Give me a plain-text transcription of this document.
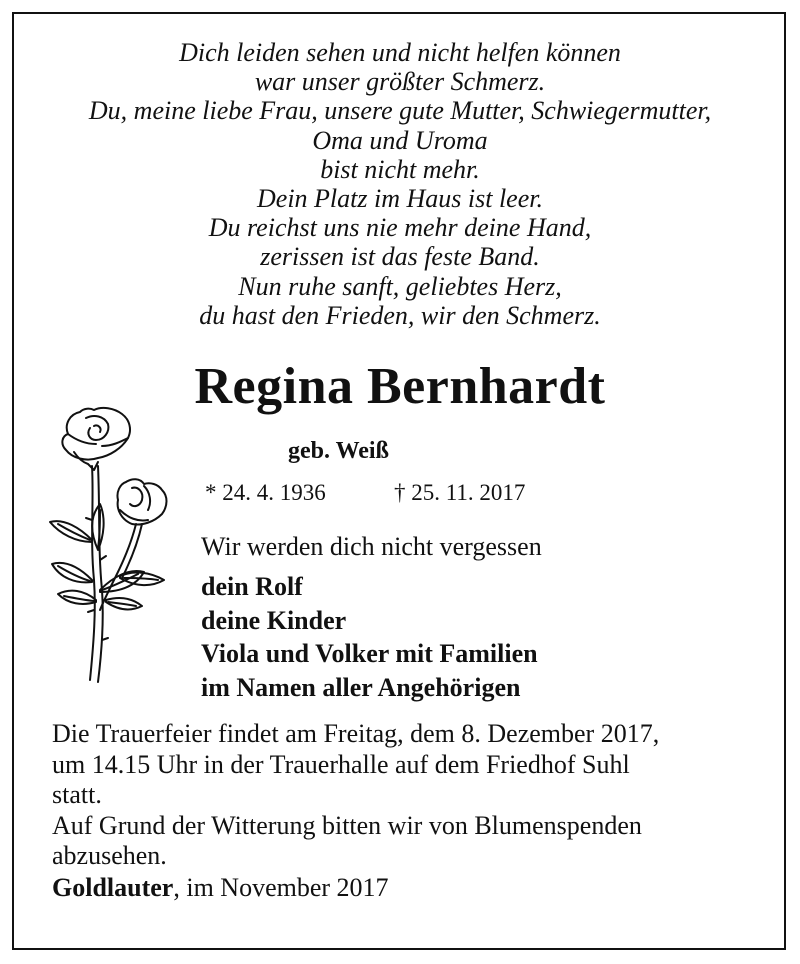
Dich leiden sehen und nicht helfen können
war unser größter Schmerz.
Du, meine liebe Frau, unsere gute Mutter, Schwiegermutter,
Oma und Uroma
bist nicht mehr.
Dein Platz im Haus ist leer.
Du reichst uns nie mehr deine Hand,
zerissen ist das feste Band.
Nun ruhe sanft, geliebtes Herz,
du hast den Frieden, wir den Schmerz.
Regina Bernhardt
geb. Weiß
* 24. 4. 1936	† 25. 11. 2017
Wir werden dich nicht vergessen
dein Rolf
deine Kinder
Viola und Volker mit Familien
im Namen aller Angehörigen
Die Trauerfeier findet am Freitag, dem 8. Dezember 2017,
um 14.15 Uhr in der Trauerhalle auf dem Friedhof Suhl
statt.
Auf Grund der Witterung bitten wir von Blumenspenden
abzusehen.
Goldlauter, im November 2017
